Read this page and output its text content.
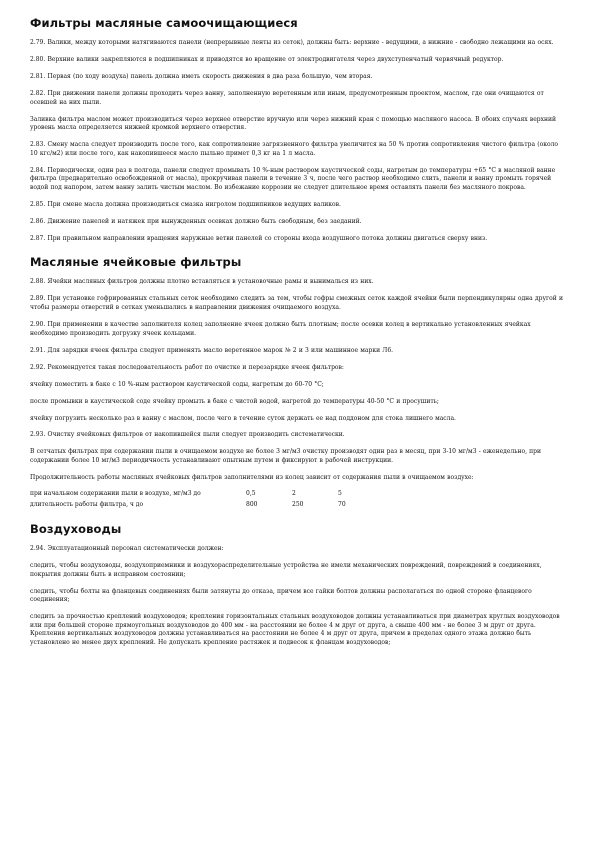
Фильтры масляные самоочищающиеся

2.79. Валики, между которыми натягиваются панели (непрерывные ленты из сеток), должны быть: верхние - ведущими, а нижние - свободно лежащими на осях.

2.80. Верхние валики закрепляются в подшипниках и приводятся во вращение от электродвигателя через двухступенчатый червячный редуктор.

2.81. Первая (по ходу воздуха) панель должна иметь скорость движения в два раза большую, чем вторая.

2.82. При движении панели должны проходить через ванну, заполненную веретенным или иным, предусмотренным проектом, маслом, где они очищаются от осевшей на них пыли.

Заливка фильтра маслом может производиться через верхнее отверстие вручную или через нижний кран с помощью масляного насоса. В обоих случаях верхний уровень масла определяется нижней кромкой верхнего отверстия.

2.83. Смену масла следует производить после того, как сопротивление загрязненного фильтра увеличится на 50 % против сопротивления чистого фильтра (около 10 кгс/м2) или после того, как накопившееся масло пыльно примет 0,3 кг на 1 л масла.

2.84. Периодически, один раз в полгода, панели следует промывать 10 %-ным раствором каустической соды, нагретым до температуры +65 °С в масляной ванне фильтра (предварительно освобожденной от масла), прокручивая панели в течение 3 ч, после чего раствор необходимо слить, панели и ванну промыть горячей водой под напором, затем ванну залить чистым маслом. Во избежание коррозии не следует длительное время оставлять панели без масляного покрова.

2.85. При смене масла должна производиться смазка нигролом подшипников ведущих валиков.

2.86. Движение панелей и натяжек при вынужденных осевках должно быть свободным, без заеданий.

2.87. При правильном направлении вращения наружные ветви панелей со стороны входа воздушного потока должны двигаться сверху вниз.

Масляные ячейковые фильтры

2.88. Ячейки масляных фильтров должны плотно вставляться в установочные рамы и вынималься из них.

2.89. При установке гофрированных стальных сеток необходимо следить за тем, чтобы гофры смежных сеток каждой ячейки были перпендикулярны одна другой и чтобы размеры отверстий в сетках уменьшались в направлении движения очищаемого воздуха.

2.90. При применении в качестве заполнителя колец заполнение ячеек должно быть плотным; после осевки колец в вертикально установленных ячейках необходимо производить догрузку ячеек кольцами.

2.91. Для зарядки ячеек фильтра следует применять масло веретенное марок № 2 и 3 или машинное марки Л6.

2.92. Рекомендуется такая последовательность работ по очистке и перезарядке ячеек фильтров:

ячейку поместить в баке с 10 %-ным раствором каустической соды, нагретым до 60-70 °С;

после промывки в каустической соде ячейку промыть в баке с чистой водой, нагретой до температуры 40-50 °С и просушить;

ячейку погрузить несколько раз в ванну с маслом, после чего в течение суток держать ее над поддоном для стока лишнего масла.

2.93. Очистку ячейковых фильтров от накопившейся пыли следует производить систематически.

В сетчатых фильтрах при содержании пыли в очищаемом воздухе не более 3 мг/м3 очистку производят один раз в месяц, при 3-10 мг/м3 - еженедельно, при содержании более 10 мг/м3 периодичность устанавливают опытным путем и фиксируют в рабочей инструкции.

Продолжительность работы масляных ячейковых фильтров заполнителями из колец зависит от содержания пыли в очищаемом воздухе:

при начальном содержании пыли в воздухе, мг/м3 до	0,5	2	5
длительность работы фильтра, ч до	800	250	70
Воздуховоды

2.94. Эксплуатационный персонал систематически должен:

следить, чтобы воздуховоды, воздухоприемники и воздухораспределительные устройства не имели механических повреждений, повреждений в соединениях, покрытия должны быть в исправном состоянии;

следить, чтобы болты на фланцевых соединениях были затянуты до отказа, причем все гайки болтов должны располагаться по одной стороне фланцевого соединения;

следить за прочностью креплений воздуховодов; крепления горизонтальных стальных воздуховодов должны устанавливаться при диаметрах круглых воздуховодов или при большей стороне прямоугольных воздуховодов до 400 мм - на расстоянии не более 4 м друг от друга, а свыше 400 мм - не более 3 м друг от друга. Крепления вертикальных воздуховодов должны устанавливаться на расстоянии не более 4 м друг от друга, причем в пределах одного этажа должно быть установлено не менее двух креплений. Не допускать крепление растяжек и подвесок к фланцам воздуховодов;
